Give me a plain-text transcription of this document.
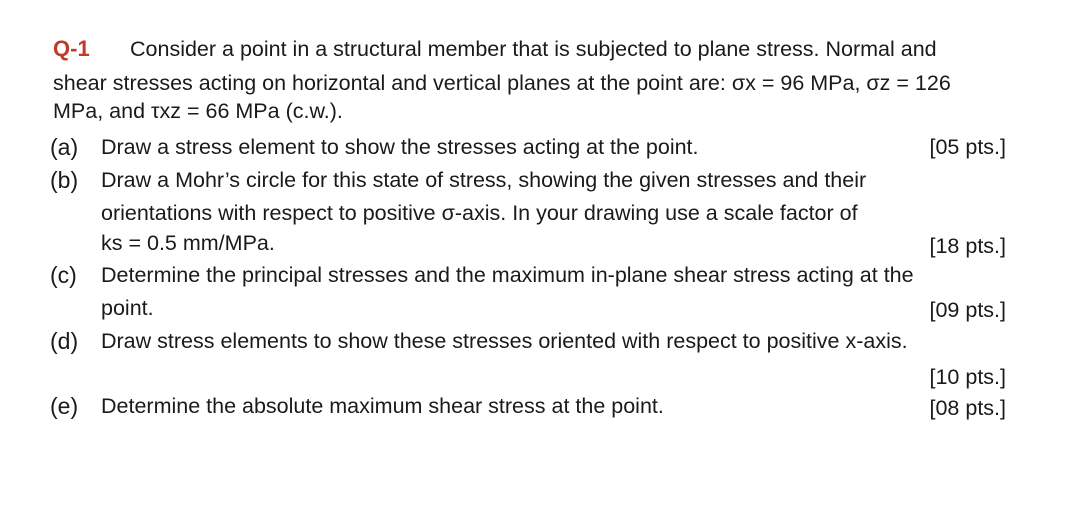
Q-1 Consider a point in a structural member that is subjected to plane stress. Normal and
shear stresses acting on horizontal and vertical planes at the point are: σx = 96 MPa, σz = 126
MPa, and τxz = 66 MPa (c.w.).
(a) Draw a stress element to show the stresses acting at the point.	[05 pts.]
(b) Draw a Mohr’s circle for this state of stress, showing the given stresses and their
orientations with respect to positive σ-axis. In your drawing use a scale factor of
ks = 0.5 mm/MPa.	[18 pts.]
(c) Determine the principal stresses and the maximum in-plane shear stress acting at the
point.	[09 pts.]
(d) Draw stress elements to show these stresses oriented with respect to positive x-axis.
[10 pts.]
(e) Determine the absolute maximum shear stress at the point.	[08 pts.]
